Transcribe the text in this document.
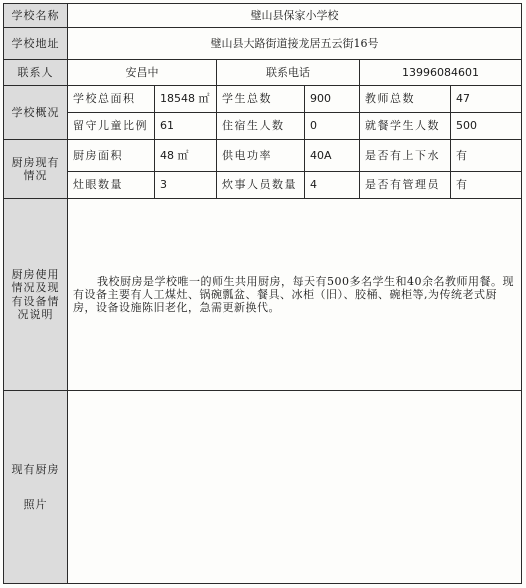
学校名称	璧山县保家小学校					
学校地址	璧山县大路街道接龙居五云街16号					
联系人	安昌中		联系电话		13996084601	
学校概况	学校总面积	18548 ㎡	学生总数	900	教师总数	47
	留守儿童比例	61	住宿生人数	0	就餐学生人数	500
厨房现有情况	厨房面积	48 ㎡	供电功率	40A	是否有上下水	有
	灶眼数量	3	炊事人员数量	4	是否有管理员	有
厨房使用情况及现有设备情况说明	我校厨房是学校唯一的师生共用厨房，每天有500多名学生和40余名教师用餐。现有设备主要有人工煤灶、锅碗瓢盆、餐具、冰柜（旧）、胶桶、碗柜等,为传统老式厨房，设备设施陈旧老化，急需更新换代。					
现有厨房
照片						
